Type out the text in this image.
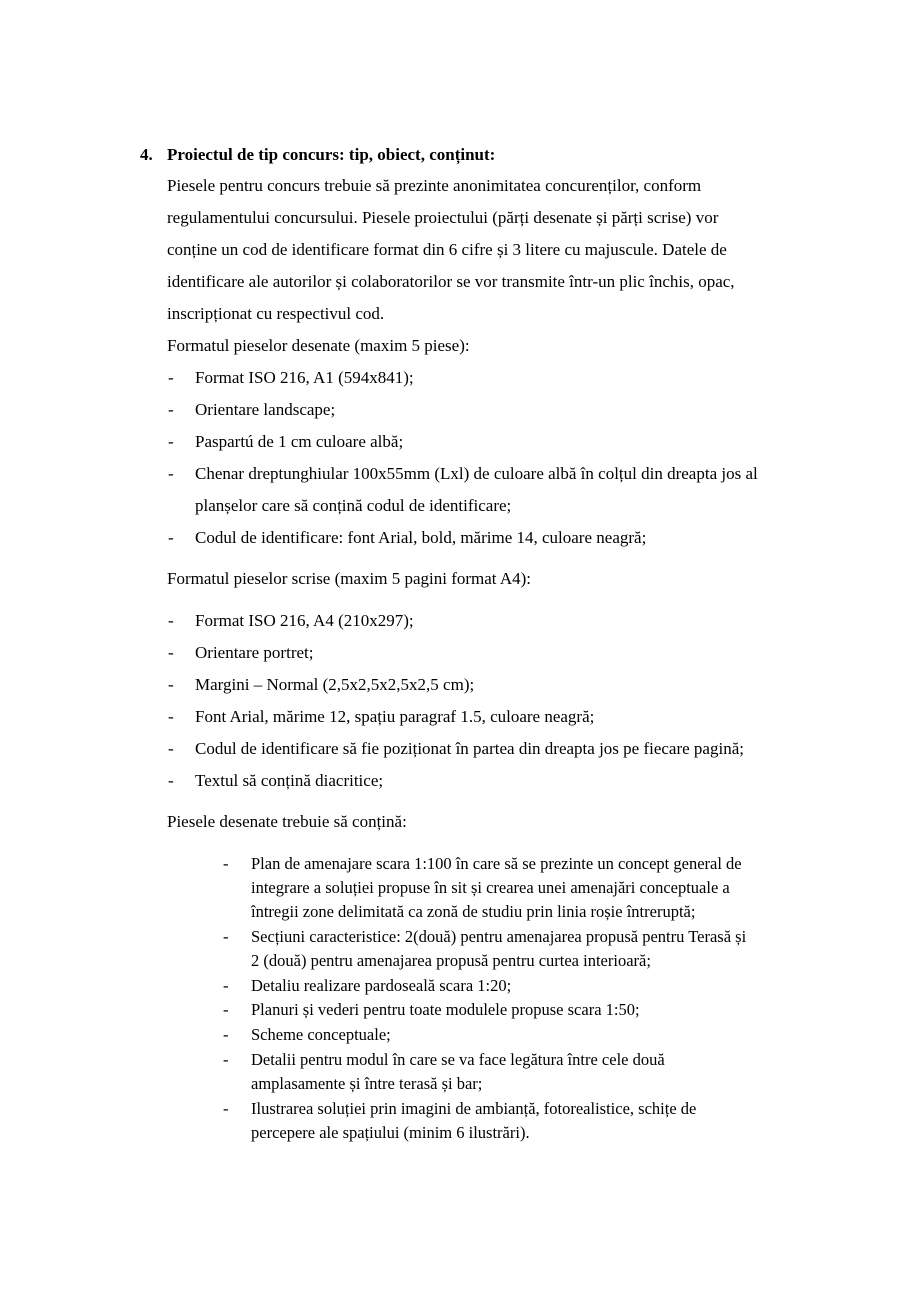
4. Proiectul de tip concurs: tip, obiect, conținut:
Piesele pentru concurs trebuie să prezinte anonimitatea concurenților, conform
regulamentului concursului. Piesele proiectului (părți desenate și părți scrise) vor
conține un cod de identificare format din 6 cifre și 3 litere cu majuscule. Datele de
identificare ale autorilor și colaboratorilor se vor transmite într-un plic închis, opac,
inscripționat cu respectivul cod.
Formatul pieselor desenate (maxim 5 piese):
- Format ISO 216, A1 (594x841);
- Orientare landscape;
- Paspartú de 1 cm culoare albă;
- Chenar dreptunghiular 100x55mm (Lxl) de culoare albă în colțul din dreapta jos al
planșelor care să conțină codul de identificare;
- Codul de identificare: font Arial, bold, mărime 14, culoare neagră;
Formatul pieselor scrise (maxim 5 pagini format A4):
- Format ISO 216, A4 (210x297);
- Orientare portret;
- Margini – Normal (2,5x2,5x2,5x2,5 cm);
- Font Arial, mărime 12, spațiu paragraf 1.5, culoare neagră;
- Codul de identificare să fie poziționat în partea din dreapta jos pe fiecare pagină;
- Textul să conțină diacritice;
Piesele desenate trebuie să conțină:
- Plan de amenajare scara 1:100 în care să se prezinte un concept general de
integrare a soluției propuse în sit și crearea unei amenajări conceptuale a
întregii zone delimitată ca zonă de studiu prin linia roșie întreruptă;
- Secțiuni caracteristice: 2(două) pentru amenajarea propusă pentru Terasă și
2 (două) pentru amenajarea propusă pentru curtea interioară;
- Detaliu realizare pardoseală scara 1:20;
- Planuri și vederi pentru toate modulele propuse scara 1:50;
- Scheme conceptuale;
- Detalii pentru modul în care se va face legătura între cele două
amplasamente și între terasă și bar;
- Ilustrarea soluției prin imagini de ambianță, fotorealistice, schițe de
percepere ale spațiului (minim 6 ilustrări).
